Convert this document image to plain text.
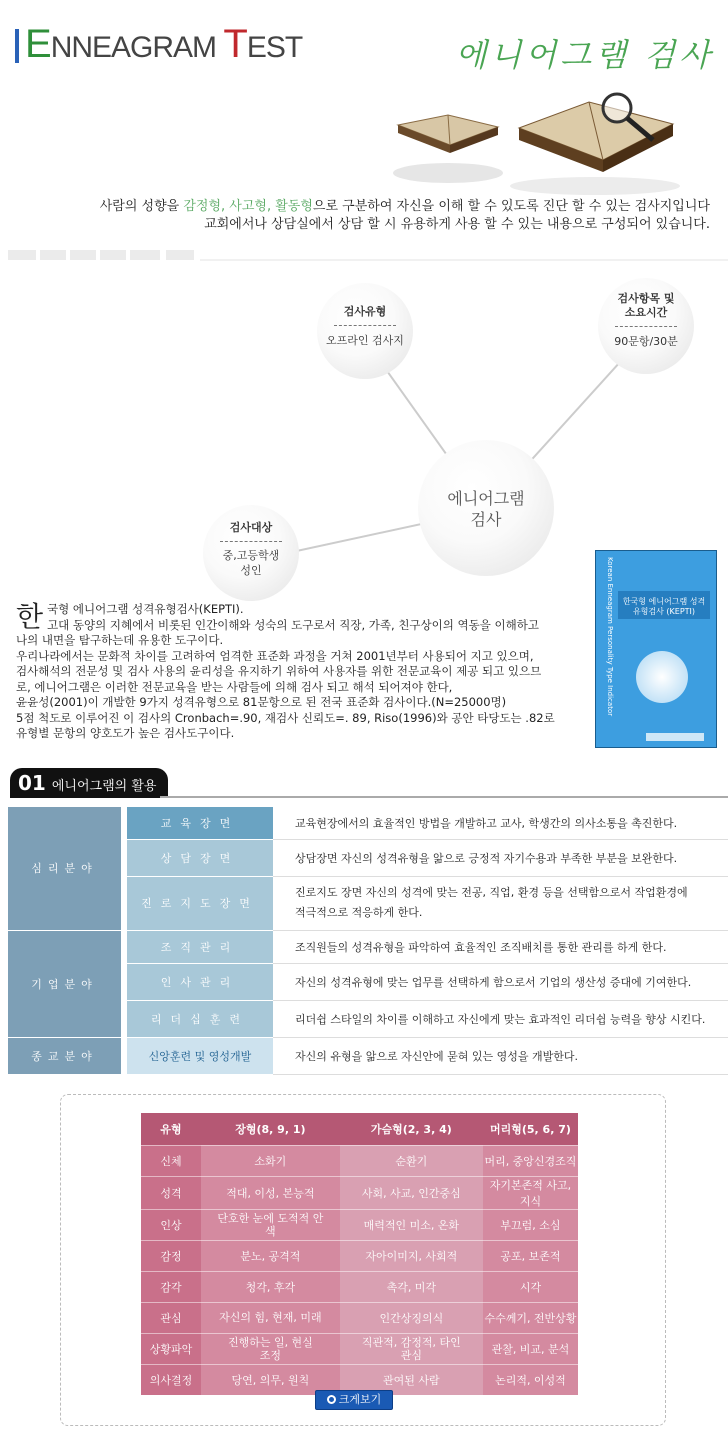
ENNEAGRAM TEST	에니어그램 검사
사람의 성향을 감정형, 사고형, 활동형으로 구분하여 자신을 이해 할 수 있도록 진단 할 수 있는 검사지입니다
교회에서나 상담실에서 상담 할 시 유용하게 사용 할 수 있는 내용으로 구성되어 있습니다.
검사유형
오프라인 검사지
검사항목 및 소요시간
90문항/30분
검사대상
중,고등학생 성인
에니어그램 검사
Korean Enneagram Personality Type Indicator	한국형 에니어그램 성격유형검사 (KEPTI)
한 국형 에니어그램 성격유형검사(KEPTI).
고대 동양의 지혜에서 비롯된 인간이해와 성숙의 도구로서 직장, 가족, 친구상이의 역동을 이해하고
나의 내면을 탐구하는데 유용한 도구이다.
우리나라에서는 문화적 차이를 고려하여 엄격한 표준화 과정을 거쳐 2001년부터 사용되어 지고 있으며,
검사해석의 전문성 및 검사 사용의 윤리성을 유지하기 위하여 사용자를 위한 전문교육이 제공 되고 있으므
로, 에니어그램은 이러한 전문교육을 받는 사람들에 의해 검사 되고 해석 되어져야 한다,
윤윤성(2001)이 개발한 9가지 성격유형으로 81문항으로 된 전국 표준화 검사이다.(N=25000명)
5점 척도로 이루어진 이 검사의 Cronbach=.90, 재검사 신뢰도=. 89, Riso(1996)와 공안 타당도는 .82로
유형별 문항의 양호도가 높은 검사도구이다.
01 에니어그램의 활용
심리분야		교육장면	교육현장에서의 효율적인 방법을 개발하고 교사, 학생간의 의사소통을 촉진한다.
		상담장면	상담장면 자신의 성격유형을 앎으로 긍정적 자기수용과 부족한 부분을 보완한다.
		진로지도장면	진로지도 장면 자신의 성격에 맞는 전공, 직업, 환경 등을 선택함으로서 작업환경에
적극적으로 적응하게 한다.

기업분야		조직관리	조직원들의 성격유형을 파악하여 효율적인 조직배치를 통한 관리를 하게 한다.
		인사관리	자신의 성격유형에 맞는 업무를 선택하게 함으로서 기업의 생산성 증대에 기여한다.
		리더십훈련	리더쉽 스타일의 차이를 이해하고 자신에게 맞는 효과적인 리더쉽 능력을 향상 시킨다.
종교분야		신앙훈련 및 영성개발	자신의 유형을 앎으로 자신안에 묻혀 있는 영성을 개발한다.
유형	장형(8, 9, 1)	가슴형(2, 3, 4)	머리형(5, 6, 7)
신체	소화기	순환기	머리, 중앙신경조직
성격	적대, 이성, 본능적	사회, 사교, 인간중심	자기본존적 사고, 지식
인상	단호한 눈에 도적적 안색	매력적인 미소, 온화	부끄럼, 소심
감정	분노, 공격적	자아이미지, 사회적	공포, 보존적
감각	청각, 후각	촉각, 미각	시각
관심	자신의 힘, 현재, 미래	인간상징의식	수수께기, 전반상황
상황파악	진행하는 일, 현실조정	직관적, 감정적, 타인관심	관찰, 비교, 분석
의사결정	당연, 의무, 원칙	관여된 사람	논리적, 이성적
크게보기
